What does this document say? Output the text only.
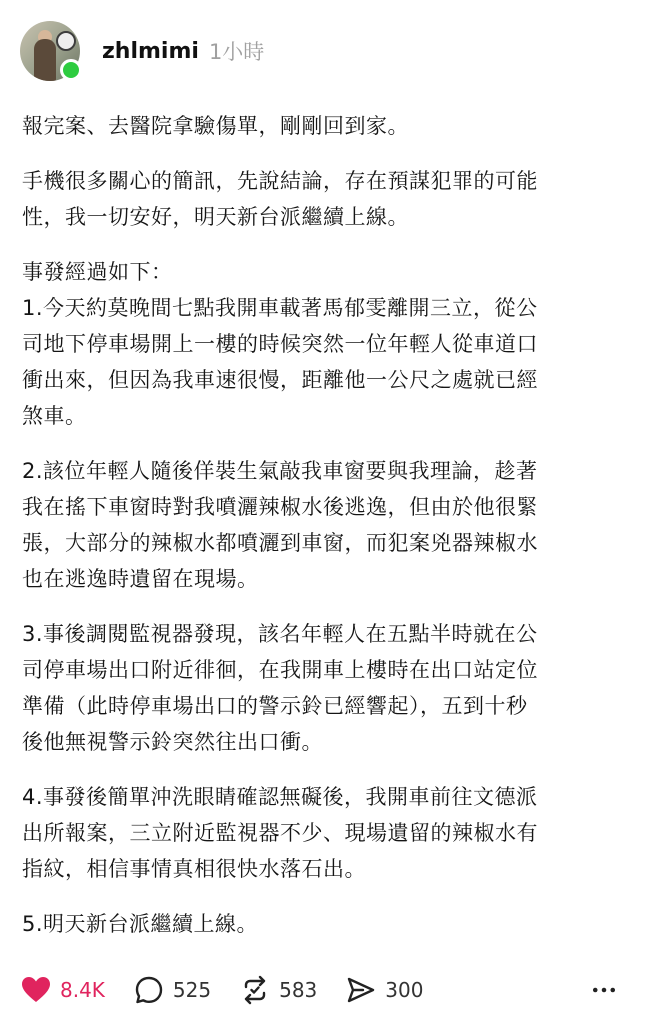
zhlmimi 1小時

報完案、去醫院拿驗傷單，剛剛回到家。

手機很多關心的簡訊，先說結論，存在預謀犯罪的可能
性，我一切安好，明天新台派繼續上線。

事發經過如下：
1.今天約莫晚間七點我開車載著馬郁雯離開三立，從公
司地下停車場開上一樓的時候突然一位年輕人從車道口
衝出來，但因為我車速很慢，距離他一公尺之處就已經
煞車。

2.該位年輕人隨後佯裝生氣敲我車窗要與我理論，趁著
我在搖下車窗時對我噴灑辣椒水後逃逸，但由於他很緊
張，大部分的辣椒水都噴灑到車窗，而犯案兇器辣椒水
也在逃逸時遺留在現場。

3.事後調閱監視器發現，該名年輕人在五點半時就在公
司停車場出口附近徘徊，在我開車上樓時在出口站定位
準備（此時停車場出口的警示鈴已經響起），五到十秒
後他無視警示鈴突然往出口衝。

4.事發後簡單沖洗眼睛確認無礙後，我開車前往文德派
出所報案，三立附近監視器不少、現場遺留的辣椒水有
指紋，相信事情真相很快水落石出。

5.明天新台派繼續上線。

8.4K	525	583	300
